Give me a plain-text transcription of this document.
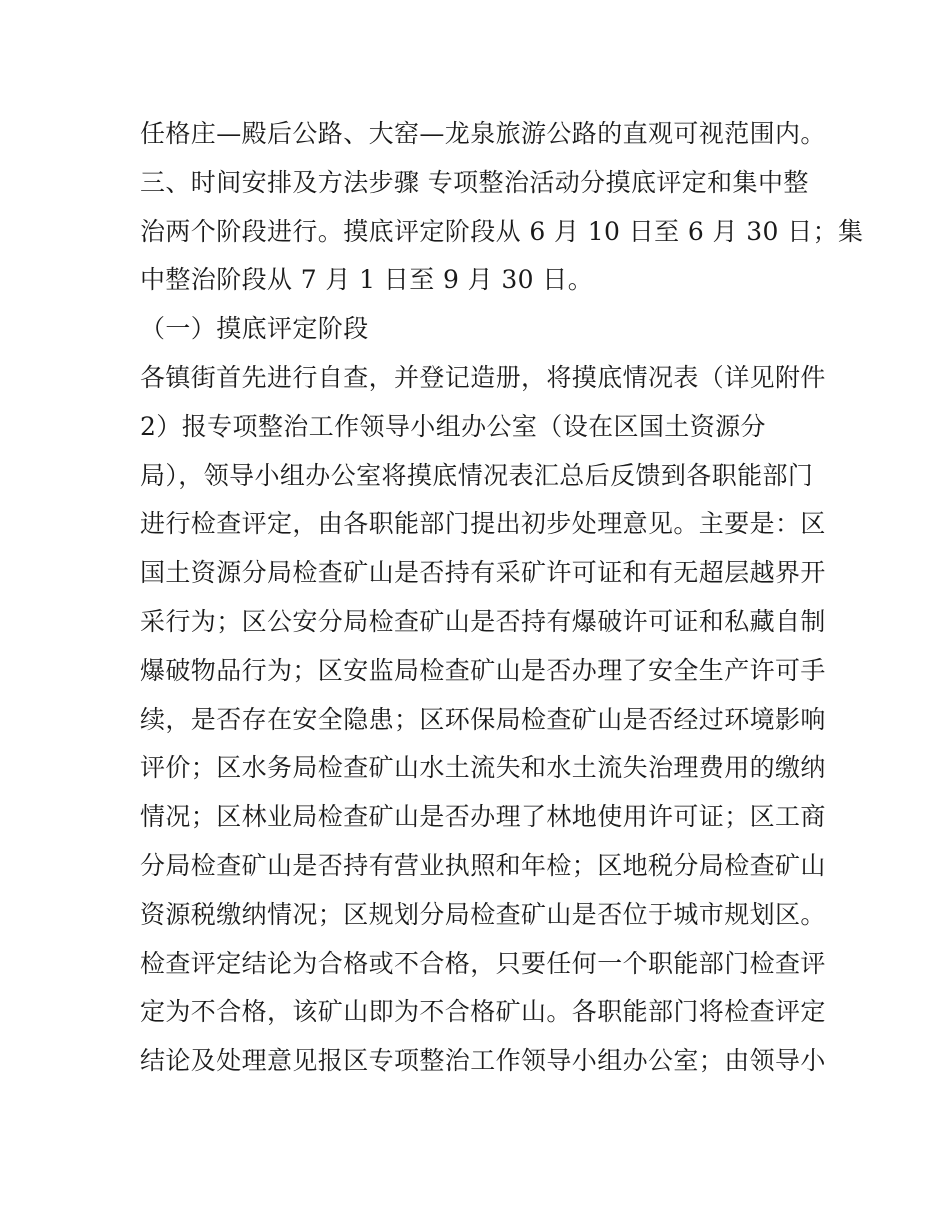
任格庄—殿后公路、大窑—龙泉旅游公路的直观可视范围内。
三、时间安排及方法步骤 专项整治活动分摸底评定和集中整
治两个阶段进行。摸底评定阶段从 6 月 10 日至 6 月 30 日；集
中整治阶段从 7 月 1 日至 9 月 30 日。
（一）摸底评定阶段
各镇街首先进行自查，并登记造册，将摸底情况表（详见附件
2）报专项整治工作领导小组办公室（设在区国土资源分
局），领导小组办公室将摸底情况表汇总后反馈到各职能部门
进行检查评定，由各职能部门提出初步处理意见。主要是：区
国土资源分局检查矿山是否持有采矿许可证和有无超层越界开
采行为；区公安分局检查矿山是否持有爆破许可证和私藏自制
爆破物品行为；区安监局检查矿山是否办理了安全生产许可手
续，是否存在安全隐患；区环保局检查矿山是否经过环境影响
评价；区水务局检查矿山水土流失和水土流失治理费用的缴纳
情况；区林业局检查矿山是否办理了林地使用许可证；区工商
分局检查矿山是否持有营业执照和年检；区地税分局检查矿山
资源税缴纳情况；区规划分局检查矿山是否位于城市规划区。
检查评定结论为合格或不合格，只要任何一个职能部门检查评
定为不合格，该矿山即为不合格矿山。各职能部门将检查评定
结论及处理意见报区专项整治工作领导小组办公室；由领导小
